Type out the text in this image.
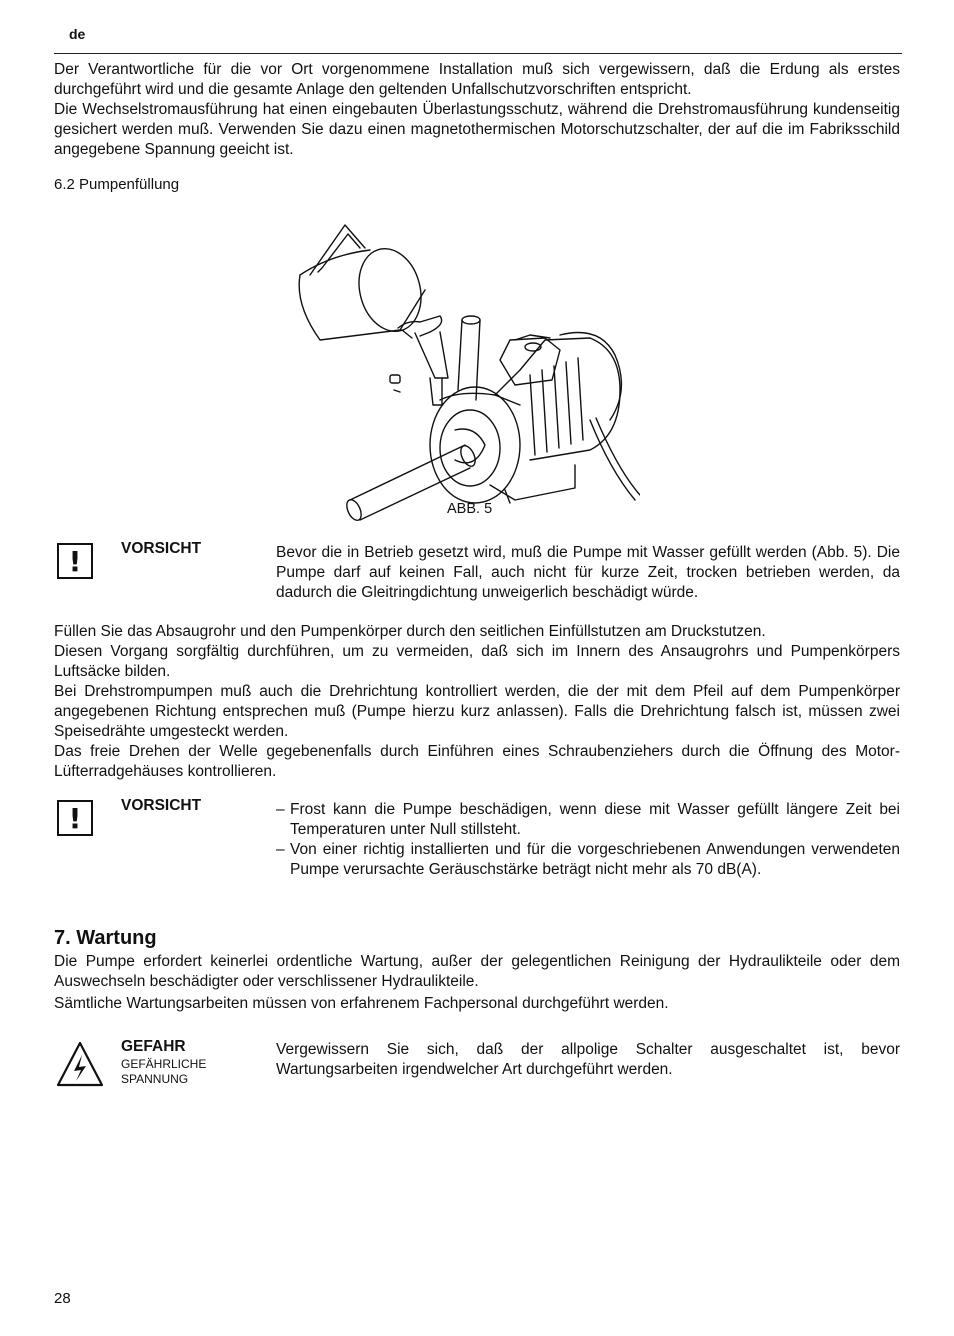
de

Der Verantwortliche für die vor Ort vorgenommene Installation muß sich vergewissern, daß die Erdung als erstes durchgeführt wird und die gesamte Anlage den geltenden Unfallschutzvorschriften entspricht.

Die Wechselstromausführung hat einen eingebauten Überlastungsschutz, während die Drehstromausführung kundenseitig gesichert werden muß. Verwenden Sie dazu einen magnetothermischen Motorschutzschalter, der auf die im Fabriksschild angegebene Spannung geeicht ist.

6.2 Pumpenfüllung
ABB. 5
!	VORSICHT	Bevor die in Betrieb gesetzt wird, muß die Pumpe mit Wasser gefüllt werden (Abb. 5). Die Pumpe darf auf keinen Fall, auch nicht für kurze Zeit, trocken betrieben werden, da dadurch die Gleitringdichtung unweigerlich beschädigt würde.

Füllen Sie das Absaugrohr und den Pumpenkörper durch den seitlichen Einfüllstutzen am Druckstutzen.

Diesen Vorgang sorgfältig durchführen, um zu vermeiden, daß sich im Innern des Ansaugrohrs und Pumpenkörpers Luftsäcke bilden.

Bei Drehstrompumpen muß auch die Drehrichtung kontrolliert werden, die der mit dem Pfeil auf dem Pumpenkörper angegebenen Richtung entsprechen muß (Pumpe hierzu kurz anlassen). Falls die Drehrichtung falsch ist, müssen zwei Speisedrähte umgesteckt werden.

Das freie Drehen der Welle gegebenenfalls durch Einführen eines Schraubenziehers durch die Öffnung des Motor-Lüfterradgehäuses kontrollieren.

!	VORSICHT	– Frost kann die Pumpe beschädigen, wenn diese mit Wasser gefüllt längere Zeit bei Temperaturen unter Null stillsteht.
– Von einer richtig installierten und für die vorgeschriebenen Anwendungen verwendeten Pumpe verursachte Geräuschstärke beträgt nicht mehr als 70 dB(A).
7. Wartung

Die Pumpe erfordert keinerlei ordentliche Wartung, außer der gelegentlichen Reinigung der Hydraulikteile oder dem Auswechseln beschädigter oder verschlissener Hydraulikteile.

Sämtliche Wartungsarbeiten müssen von erfahrenem Fachpersonal durchgeführt werden.

GEFAHR
GEFÄHRLICHE
SPANNUNG

Vergewissern Sie sich, daß der allpolige Schalter ausgeschaltet ist, bevor Wartungsarbeiten irgendwelcher Art durchgeführt werden.

28
